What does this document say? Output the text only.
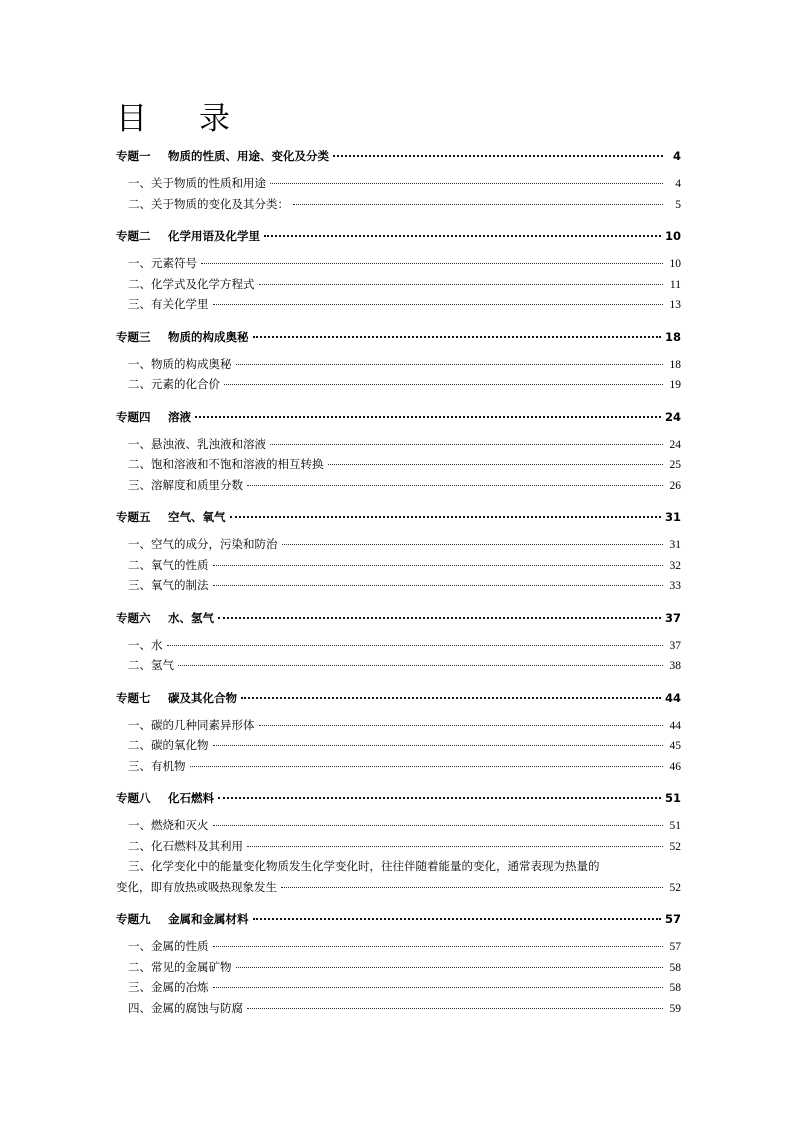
目 录
专题一 物质的性质、用途、变化及分类	4
一、关于物质的性质和用途	4
二、关于物质的变化及其分类：	5
专题二 化学用语及化学里	10
一、元素符号	10
二、化学式及化学方程式	11
三、有关化学里	13
专题三 物质的构成奥秘	18
一、物质的构成奥秘	18
二、元素的化合价	19
专题四 溶液	24
一、悬浊液、乳浊液和溶液	24
二、饱和溶液和不饱和溶液的相互转换	25
三、溶解度和质里分数	26
专题五 空气、氧气	31
一、空气的成分，污染和防治	31
二、氧气的性质	32
三、氧气的制法	33
专题六 水、氢气	37
一、水	37
二、氢气	38
专题七 碳及其化合物	44
一、碳的几种同素异形体	44
二、碳的氧化物	45
三、有机物	46
专题八 化石燃料	51
一、燃烧和灭火	51
二、化石燃料及其利用	52
三、化学变化中的能量变化物质发生化学变化时，往往伴随着能量的变化，通常表现为热量的
变化，即有放热或吸热现象发生	52
专题九 金属和金属材料	57
一、金属的性质	57
二、常见的金属矿物	58
三、金属的冶炼	58
四、金属的腐蚀与防腐	59
